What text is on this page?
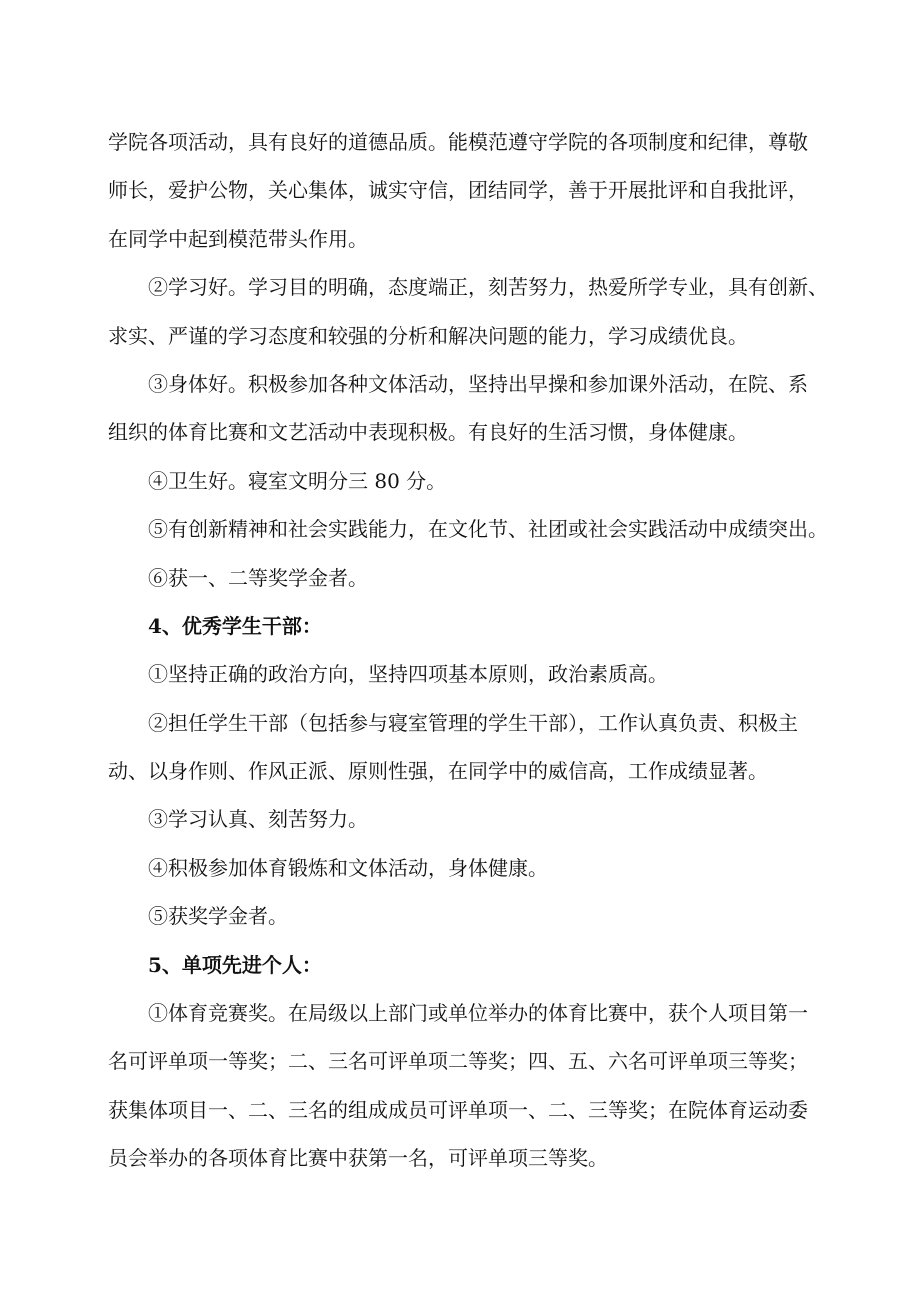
学院各项活动，具有良好的道德品质。能模范遵守学院的各项制度和纪律，尊敬
师长，爱护公物，关心集体，诚实守信，团结同学，善于开展批评和自我批评，
在同学中起到模范带头作用。
②学习好。学习目的明确，态度端正，刻苦努力，热爱所学专业，具有创新、
求实、严谨的学习态度和较强的分析和解决问题的能力，学习成绩优良。
③身体好。积极参加各种文体活动，坚持出早操和参加课外活动，在院、系
组织的体育比赛和文艺活动中表现积极。有良好的生活习惯，身体健康。
④卫生好。寝室文明分三 80 分。
⑤有创新精神和社会实践能力，在文化节、社团或社会实践活动中成绩突出。
⑥获一、二等奖学金者。
4、优秀学生干部：
①坚持正确的政治方向，坚持四项基本原则，政治素质高。
②担任学生干部（包括参与寝室管理的学生干部），工作认真负责、积极主
动、以身作则、作风正派、原则性强，在同学中的威信高，工作成绩显著。
③学习认真、刻苦努力。
④积极参加体育锻炼和文体活动，身体健康。
⑤获奖学金者。
5、单项先进个人：
①体育竞赛奖。在局级以上部门或单位举办的体育比赛中，获个人项目第一
名可评单项一等奖；二、三名可评单项二等奖；四、五、六名可评单项三等奖；
获集体项目一、二、三名的组成成员可评单项一、二、三等奖；在院体育运动委
员会举办的各项体育比赛中获第一名，可评单项三等奖。
